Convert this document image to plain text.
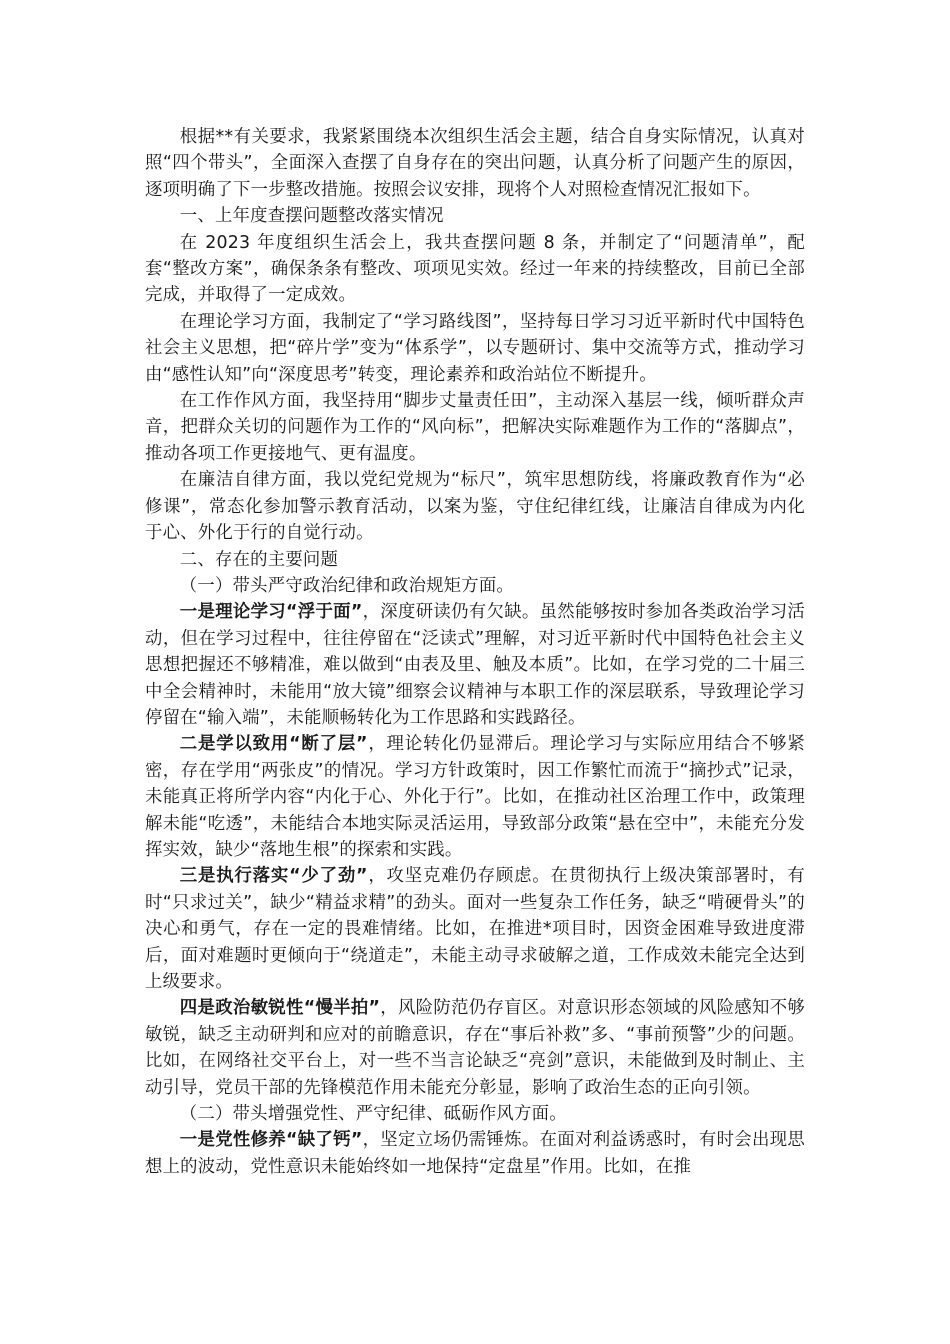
根据**有关要求，我紧紧围绕本次组织生活会主题，结合自身实际情况，认真对照“四个带头”，全面深入查摆了自身存在的突出问题，认真分析了问题产生的原因，逐项明确了下一步整改措施。按照会议安排，现将个人对照检查情况汇报如下。

一、上年度查摆问题整改落实情况

在 2023 年度组织生活会上，我共查摆问题 8 条，并制定了“问题清单”，配套“整改方案”，确保条条有整改、项项见实效。经过一年来的持续整改，目前已全部完成，并取得了一定成效。

在理论学习方面，我制定了“学习路线图”，坚持每日学习习近平新时代中国特色社会主义思想，把“碎片学”变为“体系学”，以专题研讨、集中交流等方式，推动学习由“感性认知”向“深度思考”转变，理论素养和政治站位不断提升。

在工作作风方面，我坚持用“脚步丈量责任田”，主动深入基层一线，倾听群众声音，把群众关切的问题作为工作的“风向标”，把解决实际难题作为工作的“落脚点”，推动各项工作更接地气、更有温度。

在廉洁自律方面，我以党纪党规为“标尺”，筑牢思想防线，将廉政教育作为“必修课”，常态化参加警示教育活动，以案为鉴，守住纪律红线，让廉洁自律成为内化于心、外化于行的自觉行动。

二、存在的主要问题

（一）带头严守政治纪律和政治规矩方面。

一是理论学习“浮于面”，深度研读仍有欠缺。虽然能够按时参加各类政治学习活动，但在学习过程中，往往停留在“泛读式”理解，对习近平新时代中国特色社会主义思想把握还不够精准，难以做到“由表及里、触及本质”。比如，在学习党的二十届三中全会精神时，未能用“放大镜”细察会议精神与本职工作的深层联系，导致理论学习停留在“输入端”，未能顺畅转化为工作思路和实践路径。

二是学以致用“断了层”，理论转化仍显滞后。理论学习与实际应用结合不够紧密，存在学用“两张皮”的情况。学习方针政策时，因工作繁忙而流于“摘抄式”记录，未能真正将所学内容“内化于心、外化于行”。比如，在推动社区治理工作中，政策理解未能“吃透”，未能结合本地实际灵活运用，导致部分政策“悬在空中”，未能充分发挥实效，缺少“落地生根”的探索和实践。

三是执行落实“少了劲”，攻坚克难仍存顾虑。在贯彻执行上级决策部署时，有时“只求过关”，缺少“精益求精”的劲头。面对一些复杂工作任务，缺乏“啃硬骨头”的决心和勇气，存在一定的畏难情绪。比如，在推进*项目时，因资金困难导致进度滞后，面对难题时更倾向于“绕道走”，未能主动寻求破解之道，工作成效未能完全达到上级要求。

四是政治敏锐性“慢半拍”，风险防范仍存盲区。对意识形态领域的风险感知不够敏锐，缺乏主动研判和应对的前瞻意识，存在“事后补救”多、“事前预警”少的问题。比如，在网络社交平台上，对一些不当言论缺乏“亮剑”意识，未能做到及时制止、主动引导，党员干部的先锋模范作用未能充分彰显，影响了政治生态的正向引领。

（二）带头增强党性、严守纪律、砥砺作风方面。

一是党性修养“缺了钙”，坚定立场仍需锤炼。在面对利益诱惑时，有时会出现思想上的波动，党性意识未能始终如一地保持“定盘星”作用。比如，在推
